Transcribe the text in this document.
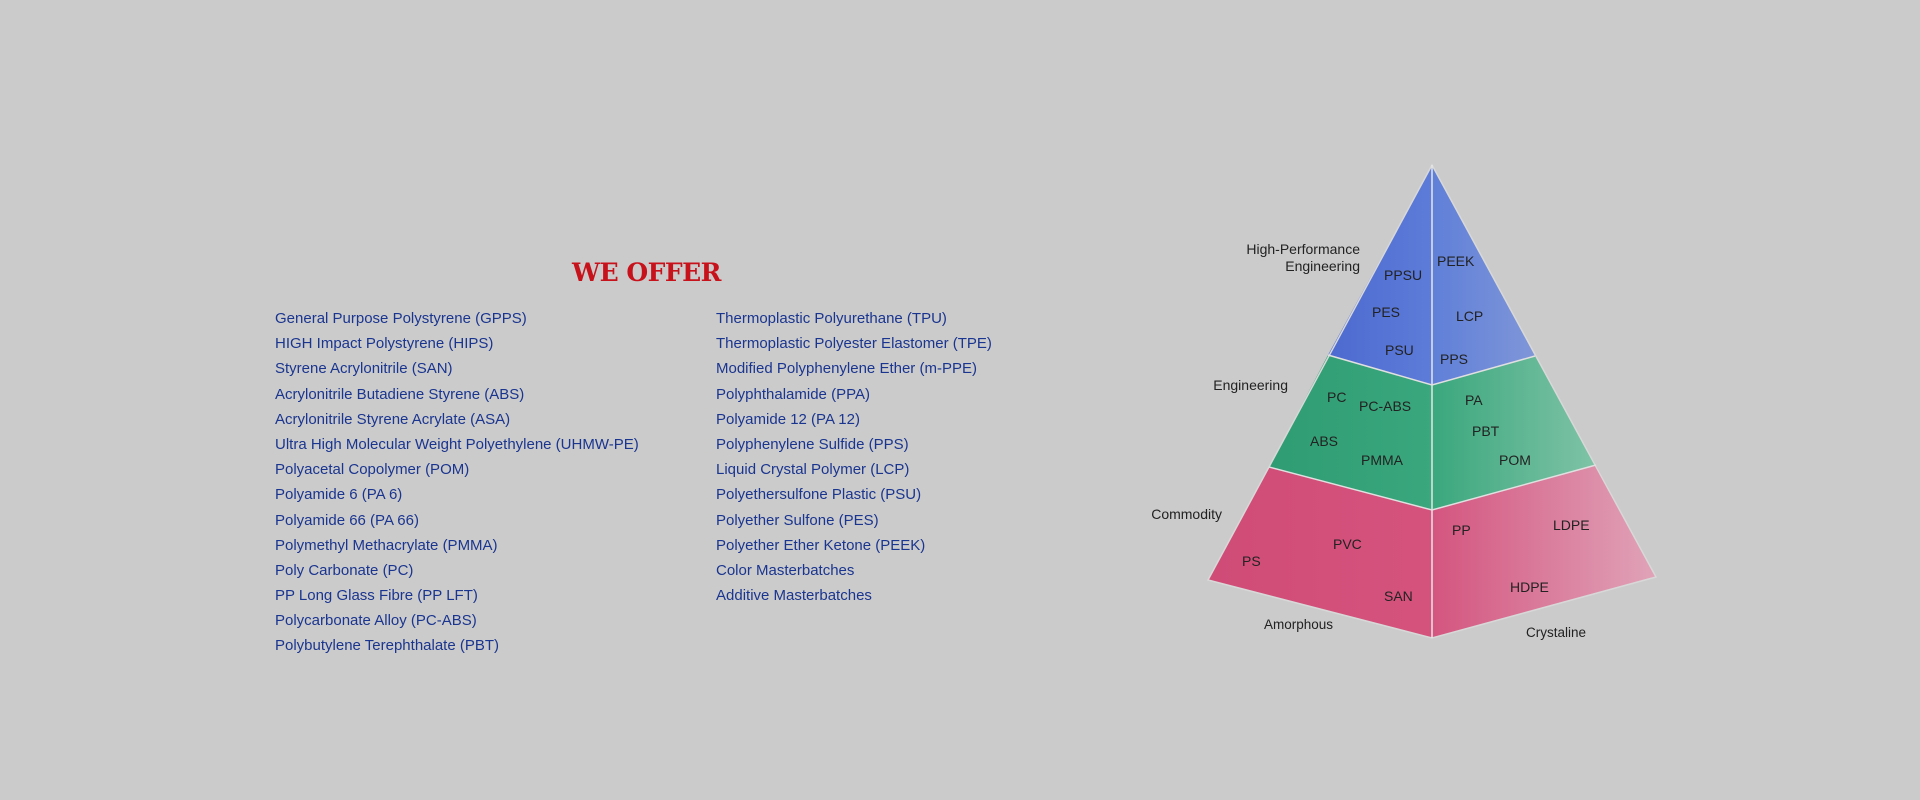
WE OFFER
General Purpose Polystyrene (GPPS)
HIGH Impact Polystyrene (HIPS)
Styrene Acrylonitrile (SAN)
Acrylonitrile Butadiene Styrene (ABS)
Acrylonitrile Styrene Acrylate (ASA)
Ultra High Molecular Weight Polyethylene (UHMW-PE)
Polyacetal Copolymer (POM)
Polyamide 6 (PA 6)
Polyamide 66 (PA 66)
Polymethyl Methacrylate (PMMA)
Poly Carbonate (PC)
PP Long Glass Fibre (PP LFT)
Polycarbonate Alloy (PC-ABS)
Polybutylene Terephthalate (PBT)
Thermoplastic Polyurethane (TPU)
Thermoplastic Polyester Elastomer (TPE)
Modified Polyphenylene Ether (m-PPE)
Polyphthalamide (PPA)
Polyamide 12 (PA 12)
Polyphenylene Sulfide (PPS)
Liquid Crystal Polymer (LCP)
Polyethersulfone Plastic (PSU)
Polyether Sulfone (PES)
Polyether Ether Ketone (PEEK)
Color Masterbatches
Additive Masterbatches
High-Performance
Engineering
Engineering
Commodity
Amorphous
Crystaline
PPSU
PES
PSU
PEEK
LCP
PPS
PC
PC-ABS
ABS
PMMA
PA
PBT
POM
PS
PVC
SAN
PP	LDPE
HDPE
